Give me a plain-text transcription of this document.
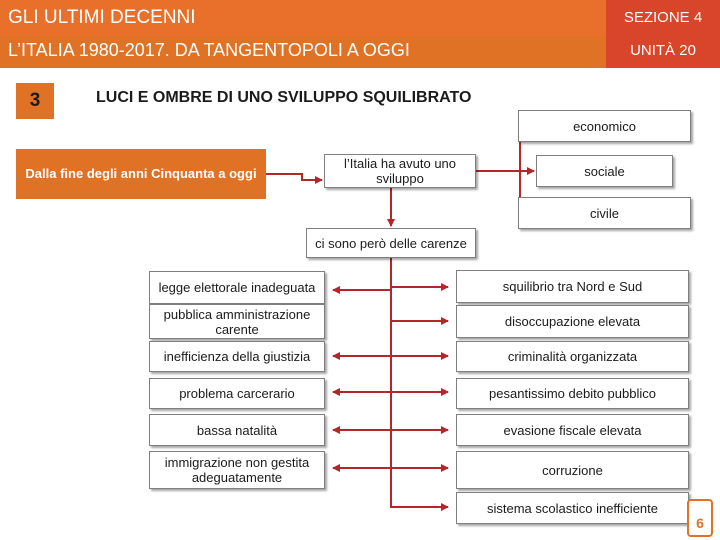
GLI ULTIMI DECENNI
L’ITALIA 1980-2017. DA TANGENTOPOLI A OGGI
SEZIONE 4
UNITÀ 20
3	LUCI E OMBRE DI UNO SVILUPPO SQUILIBRATO
Dalla fine degli anni Cinquanta a oggi
l’Italia ha avuto uno sviluppo
economico
sociale
civile
ci sono però delle carenze
legge elettorale inadeguata
pubblica amministrazione carente
inefficienza della giustizia
problema carcerario
bassa natalità
immigrazione non gestita adeguatamente
squilibrio tra Nord e Sud
disoccupazione elevata
criminalità organizzata
pesantissimo debito pubblico
evasione fiscale elevata
corruzione
sistema scolastico inefficiente
6
